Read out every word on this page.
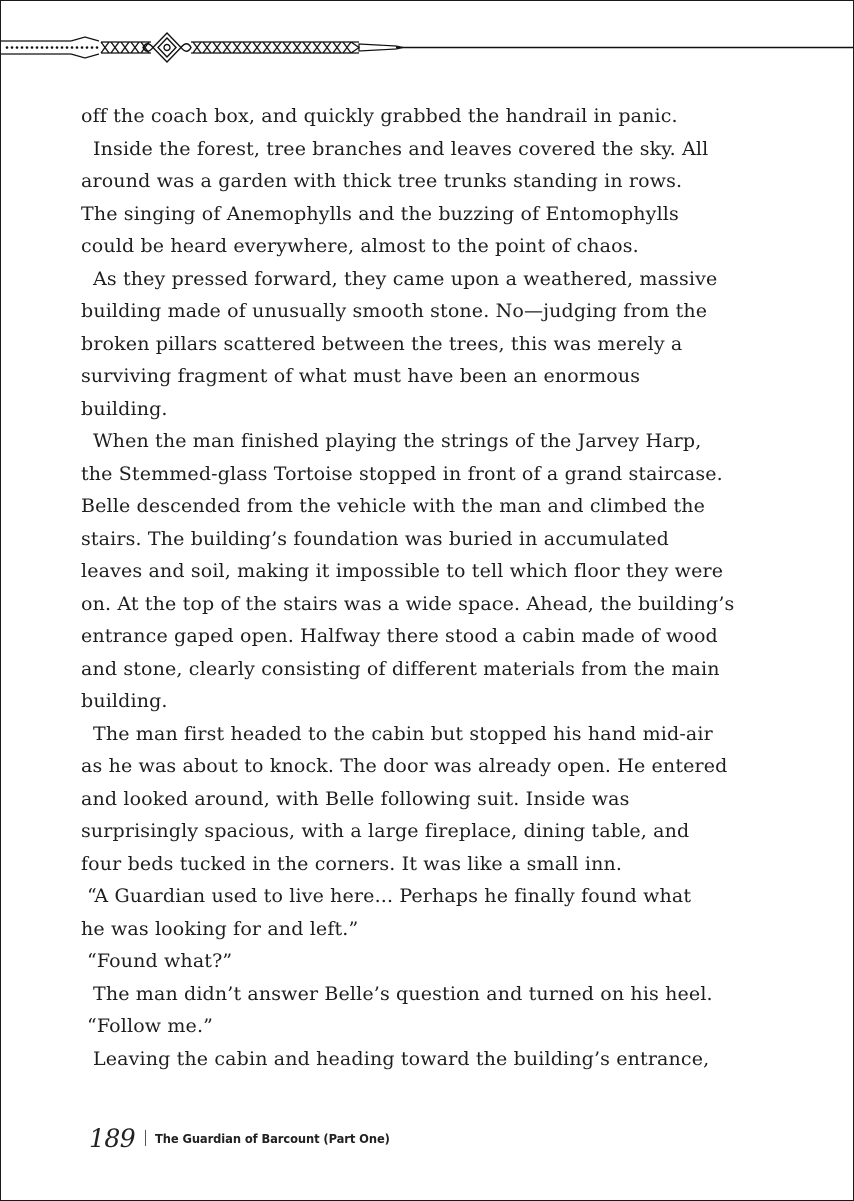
off the coach box, and quickly grabbed the handrail in panic.
Inside the forest, tree branches and leaves covered the sky. All
around was a garden with thick tree trunks standing in rows.
The singing of Anemophylls and the buzzing of Entomophylls
could be heard everywhere, almost to the point of chaos.
As they pressed forward, they came upon a weathered, massive
building made of unusually smooth stone. No—judging from the
broken pillars scattered between the trees, this was merely a
surviving fragment of what must have been an enormous
building.
When the man finished playing the strings of the Jarvey Harp,
the Stemmed-glass Tortoise stopped in front of a grand staircase.
Belle descended from the vehicle with the man and climbed the
stairs. The building’s foundation was buried in accumulated
leaves and soil, making it impossible to tell which floor they were
on. At the top of the stairs was a wide space. Ahead, the building’s
entrance gaped open. Halfway there stood a cabin made of wood
and stone, clearly consisting of different materials from the main
building.
The man first headed to the cabin but stopped his hand mid-air
as he was about to knock. The door was already open. He entered
and looked around, with Belle following suit. Inside was
surprisingly spacious, with a large fireplace, dining table, and
four beds tucked in the corners. It was like a small inn.
“A Guardian used to live here... Perhaps he finally found what
he was looking for and left.”
“Found what?”
The man didn’t answer Belle’s question and turned on his heel.
“Follow me.”
Leaving the cabin and heading toward the building’s entrance,
189 The Guardian of Barcount (Part One)
